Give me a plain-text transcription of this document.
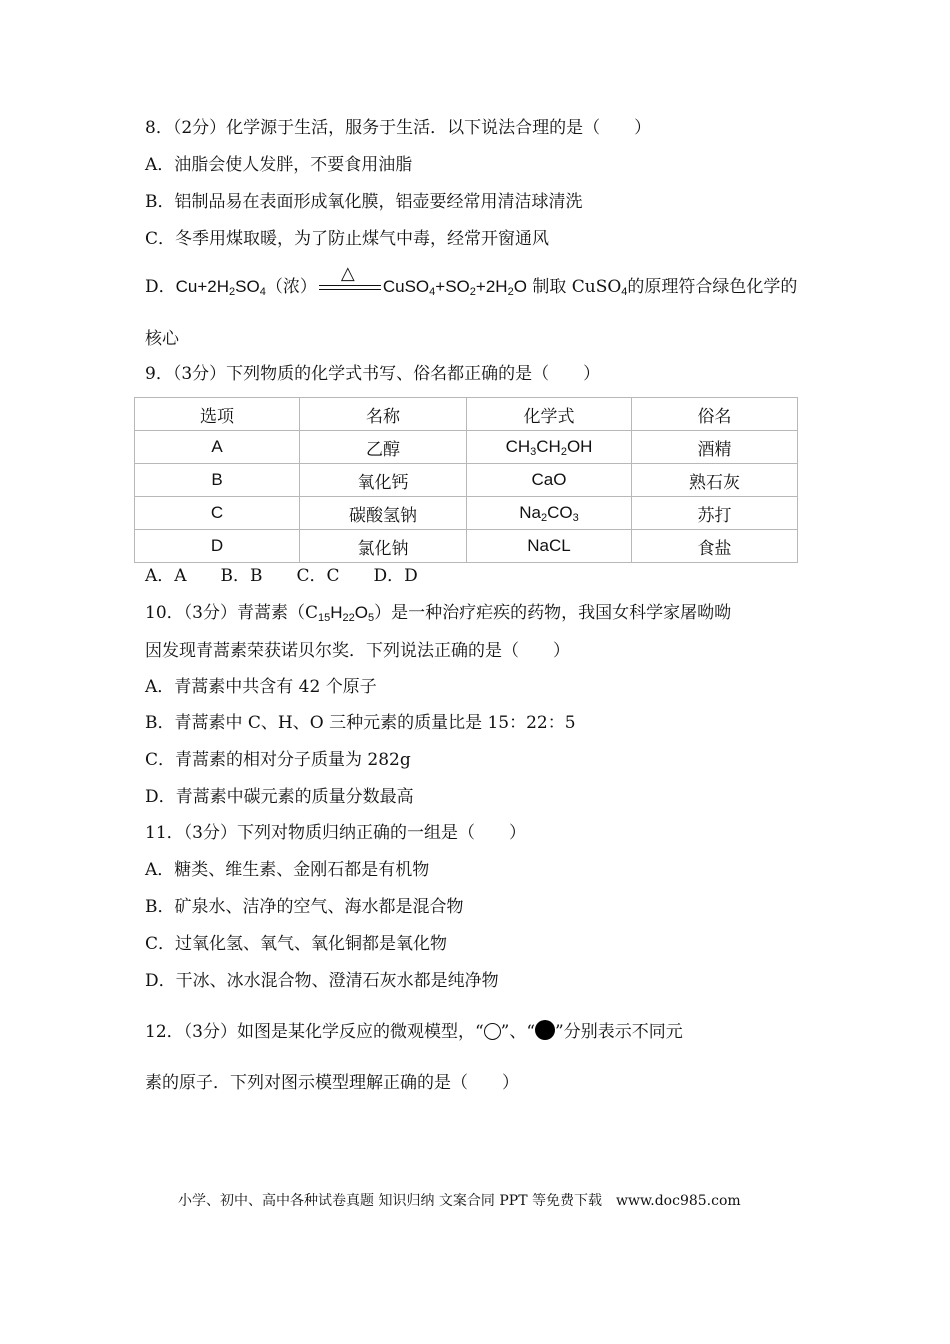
8．（2分）化学源于生活，服务于生活．以下说法合理的是（　　）
A．油脂会使人发胖，不要食用油脂
B．铝制品易在表面形成氧化膜，铝壶要经常用清洁球清洗
C．冬季用煤取暖，为了防止煤气中毒，经常开窗通风
D．$Cu+2H_2SO_4$（浓）
△
$CuSO_4+SO_2+2H_2O$ 制取 CuSO$_4$的原理符合绿色化学的
核心
9．（3分）下列物质的化学式书写、俗名都正确的是（　　）
选项	名称	化学式	俗名
A	乙醇	$CH_3CH_2OH$	酒精
B	氧化钙	CaO	熟石灰
C	碳酸氢钠	$Na_2CO_3$	苏打
D	氯化钠	NaCL	食盐
A．A　　B．B　　C．C　　D．D
10．（3分）青蒿素$(C_{15}H_{22}O_5)$是一种治疗疟疾的药物，我国女科学家屠呦呦
因发现青蒿素荣获诺贝尔奖．下列说法正确的是（　　）
A．青蒿素中共含有 42 个原子
B．青蒿素中 C、H、O 三种元素的质量比是 15：22：5
C．青蒿素的相对分子质量为 282g
D．青蒿素中碳元素的质量分数最高
11．（3分）下列对物质归纳正确的一组是（　　）
A．糖类、维生素、金刚石都是有机物
B．矿泉水、洁净的空气、海水都是混合物
C．过氧化氢、氧气、氧化铜都是氧化物
D．干冰、冰水混合物、澄清石灰水都是纯净物
12．（3分）如图是某化学反应的微观模型，“ ”、“ ”分别表示不同元
素的原子．下列对图示模型理解正确的是（　　）
小学、初中、高中各种试卷真题 知识归纳 文案合同 PPT 等免费下载　www.doc985.com
